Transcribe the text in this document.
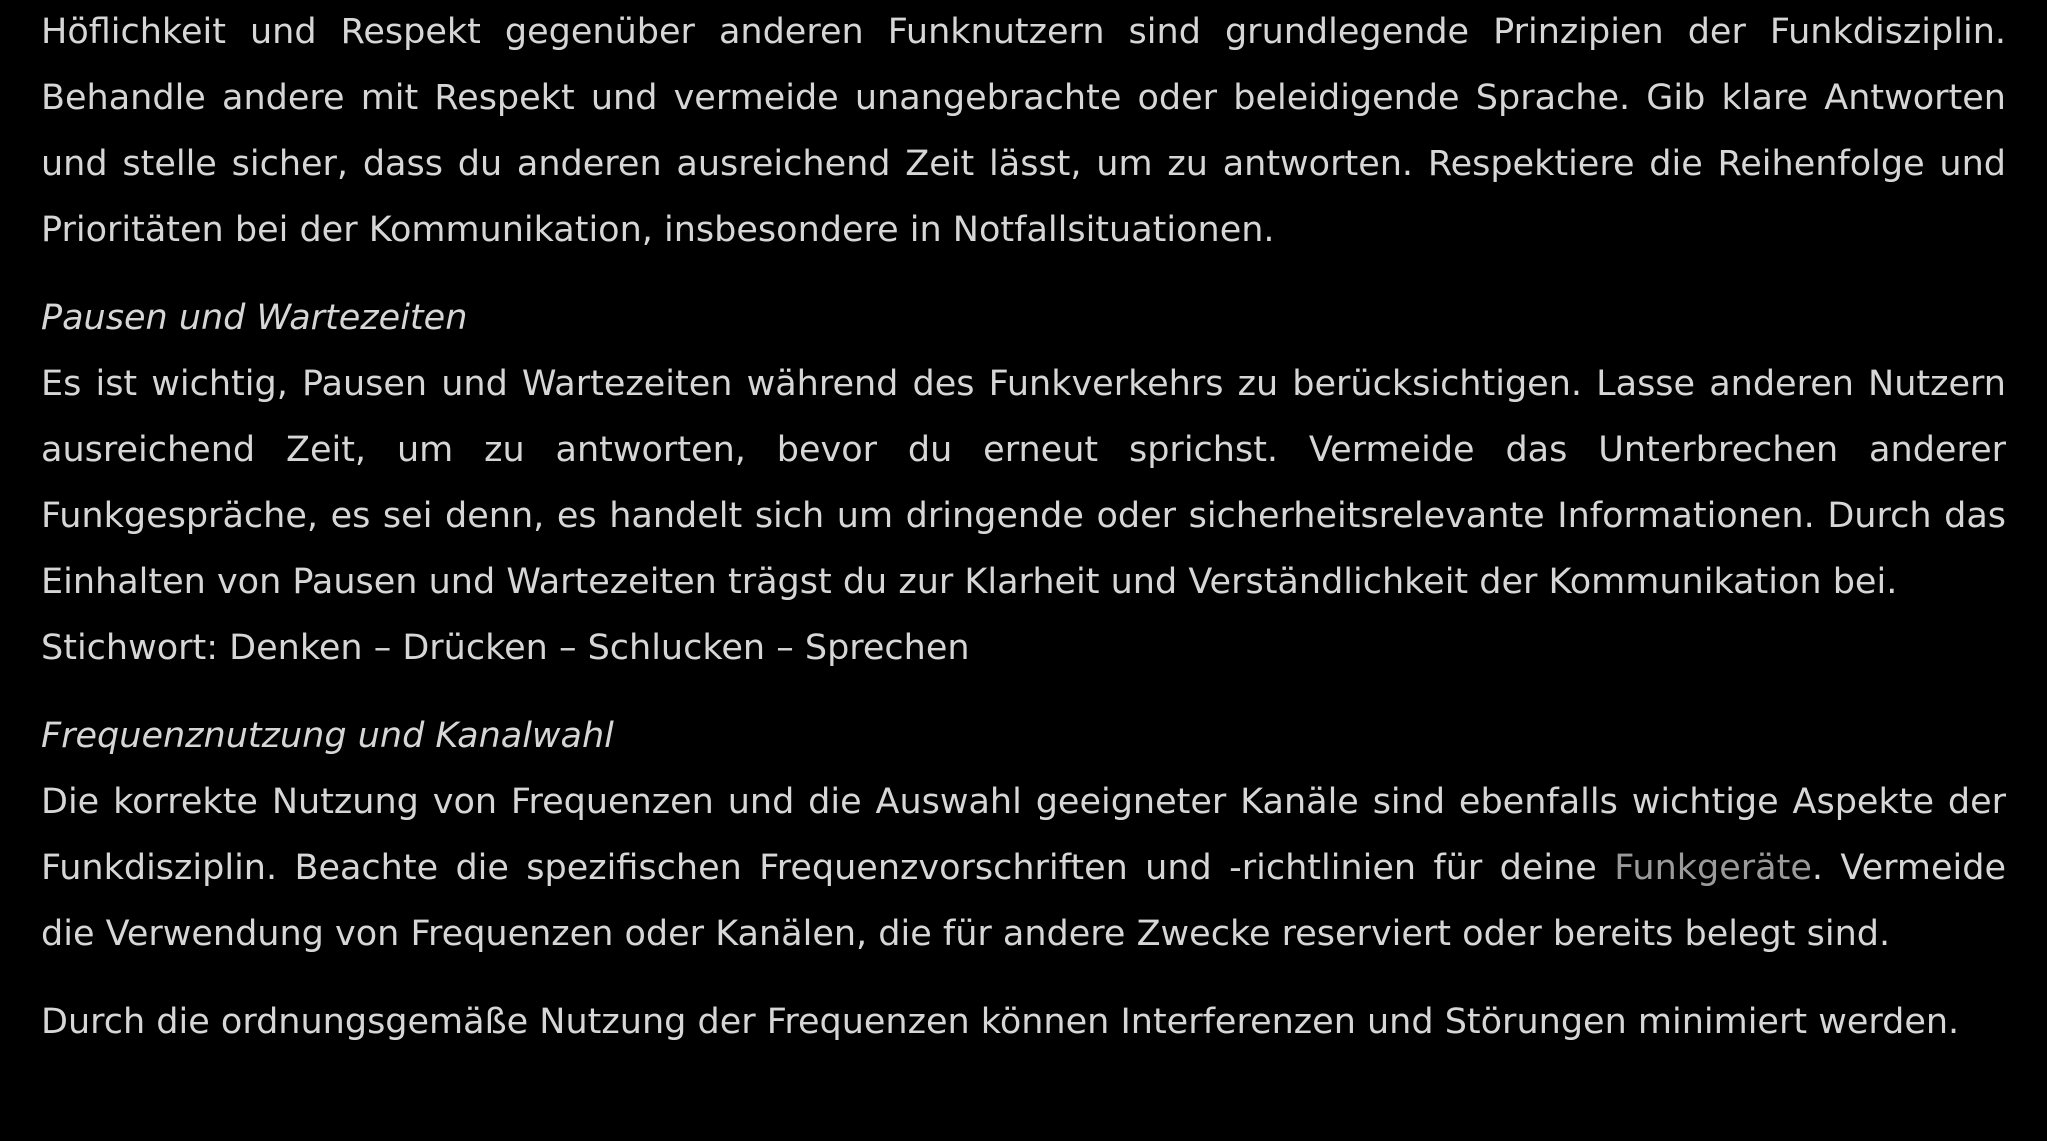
Höflichkeit und Respekt gegenüber anderen Funknutzern sind grundlegende Prinzipien der Funkdisziplin. Behandle andere mit Respekt und vermeide unangebrachte oder beleidigende Sprache. Gib klare Antworten und stelle sicher, dass du anderen ausreichend Zeit lässt, um zu antworten. Respektiere die Reihenfolge und Prioritäten bei der Kommunikation, insbesondere in Notfallsituationen.

Pausen und Wartezeiten

Es ist wichtig, Pausen und Wartezeiten während des Funkverkehrs zu berücksichtigen. Lasse anderen Nutzern ausreichend Zeit, um zu antworten, bevor du erneut sprichst. Vermeide das Unterbrechen anderer Funkgespräche, es sei denn, es handelt sich um dringende oder sicherheitsrelevante Informationen. Durch das Einhalten von Pausen und Wartezeiten trägst du zur Klarheit und Verständlichkeit der Kommunikation bei.
Stichwort: Denken – Drücken – Schlucken – Sprechen

Frequenznutzung und Kanalwahl

Die korrekte Nutzung von Frequenzen und die Auswahl geeigneter Kanäle sind ebenfalls wichtige Aspekte der Funkdisziplin. Beachte die spezifischen Frequenzvorschriften und -richtlinien für deine Funkgeräte. Vermeide die Verwendung von Frequenzen oder Kanälen, die für andere Zwecke reserviert oder bereits belegt sind.

Durch die ordnungsgemäße Nutzung der Frequenzen können Interferenzen und Störungen minimiert werden.
